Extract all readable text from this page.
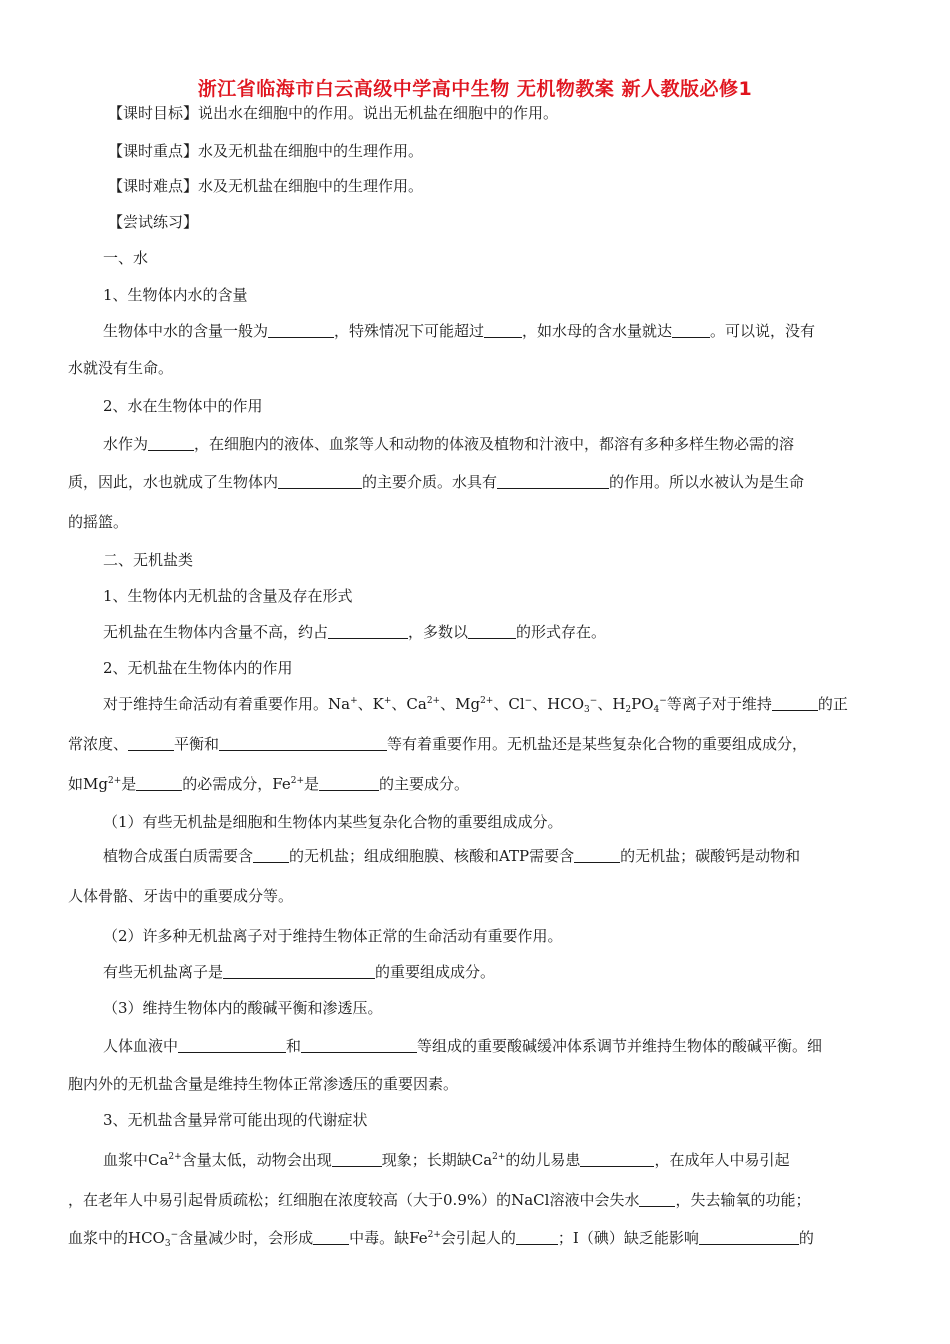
浙江省临海市白云高级中学高中生物 无机物教案 新人教版必修1
【课时目标】说出水在细胞中的作用。说出无机盐在细胞中的作用。
【课时重点】水及无机盐在细胞中的生理作用。
【课时难点】水及无机盐在细胞中的生理作用。
【尝试练习】
一、水
1、生物体内水的含量
生物体中水的含量一般为	，特殊情况下可能超过	，如水母的含水量就达	。可以说，没有
水就没有生命。
2、水在生物体中的作用
水作为	，在细胞内的液体、血浆等人和动物的体液及植物和汁液中，都溶有多种多样生物必需的溶
质，因此，水也就成了生物体内	的主要介质。水具有	的作用。所以水被认为是生命
的摇篮。
二、无机盐类
1、生物体内无机盐的含量及存在形式
无机盐在生物体内含量不高，约占	，多数以	的形式存在。
2、无机盐在生物体内的作用
对于维持生命活动有着重要作用。Na+、K+、$Ca^{2+}$、$Mg^{2+}$、Cl−、$HCO_3^-$、$H_2PO_4^-$等离子对于维持	的正
常浓度、	平衡和	等有着重要作用。无机盐还是某些复杂化合物的重要组成成分，
如$Mg^{2+}$是	的必需成分，$Fe^{2+}$是	的主要成分。
（1）有些无机盐是细胞和生物体内某些复杂化合物的重要组成成分。
植物合成蛋白质需要含 的无机盐；组成细胞膜、核酸和ATP需要含	的无机盐；碳酸钙是动物和
人体骨骼、牙齿中的重要成分等。
（2）许多种无机盐离子对于维持生物体正常的生命活动有重要作用。
有些无机盐离子是	的重要组成成分。
（3）维持生物体内的酸碱平衡和渗透压。
人体血液中	和	等组成的重要酸碱缓冲体系调节并维持生物体的酸碱平衡。细
胞内外的无机盐含量是维持生物体正常渗透压的重要因素。
3、无机盐含量异常可能出现的代谢症状
血浆中$Ca^{2+}$含量太低，动物会出现	现象；长期缺$Ca^{2+}$的幼儿易患	，在成年人中易引起
，在老年人中易引起骨质疏松；红细胞在浓度较高（大于0.9%）的NaCl溶液中会失水 ，失去输氧的功能；
血浆中的$HCO_3^-$含量减少时，会形成 中毒。缺$Fe^{2+}$会引起人的	；I（碘）缺乏能影响	的
